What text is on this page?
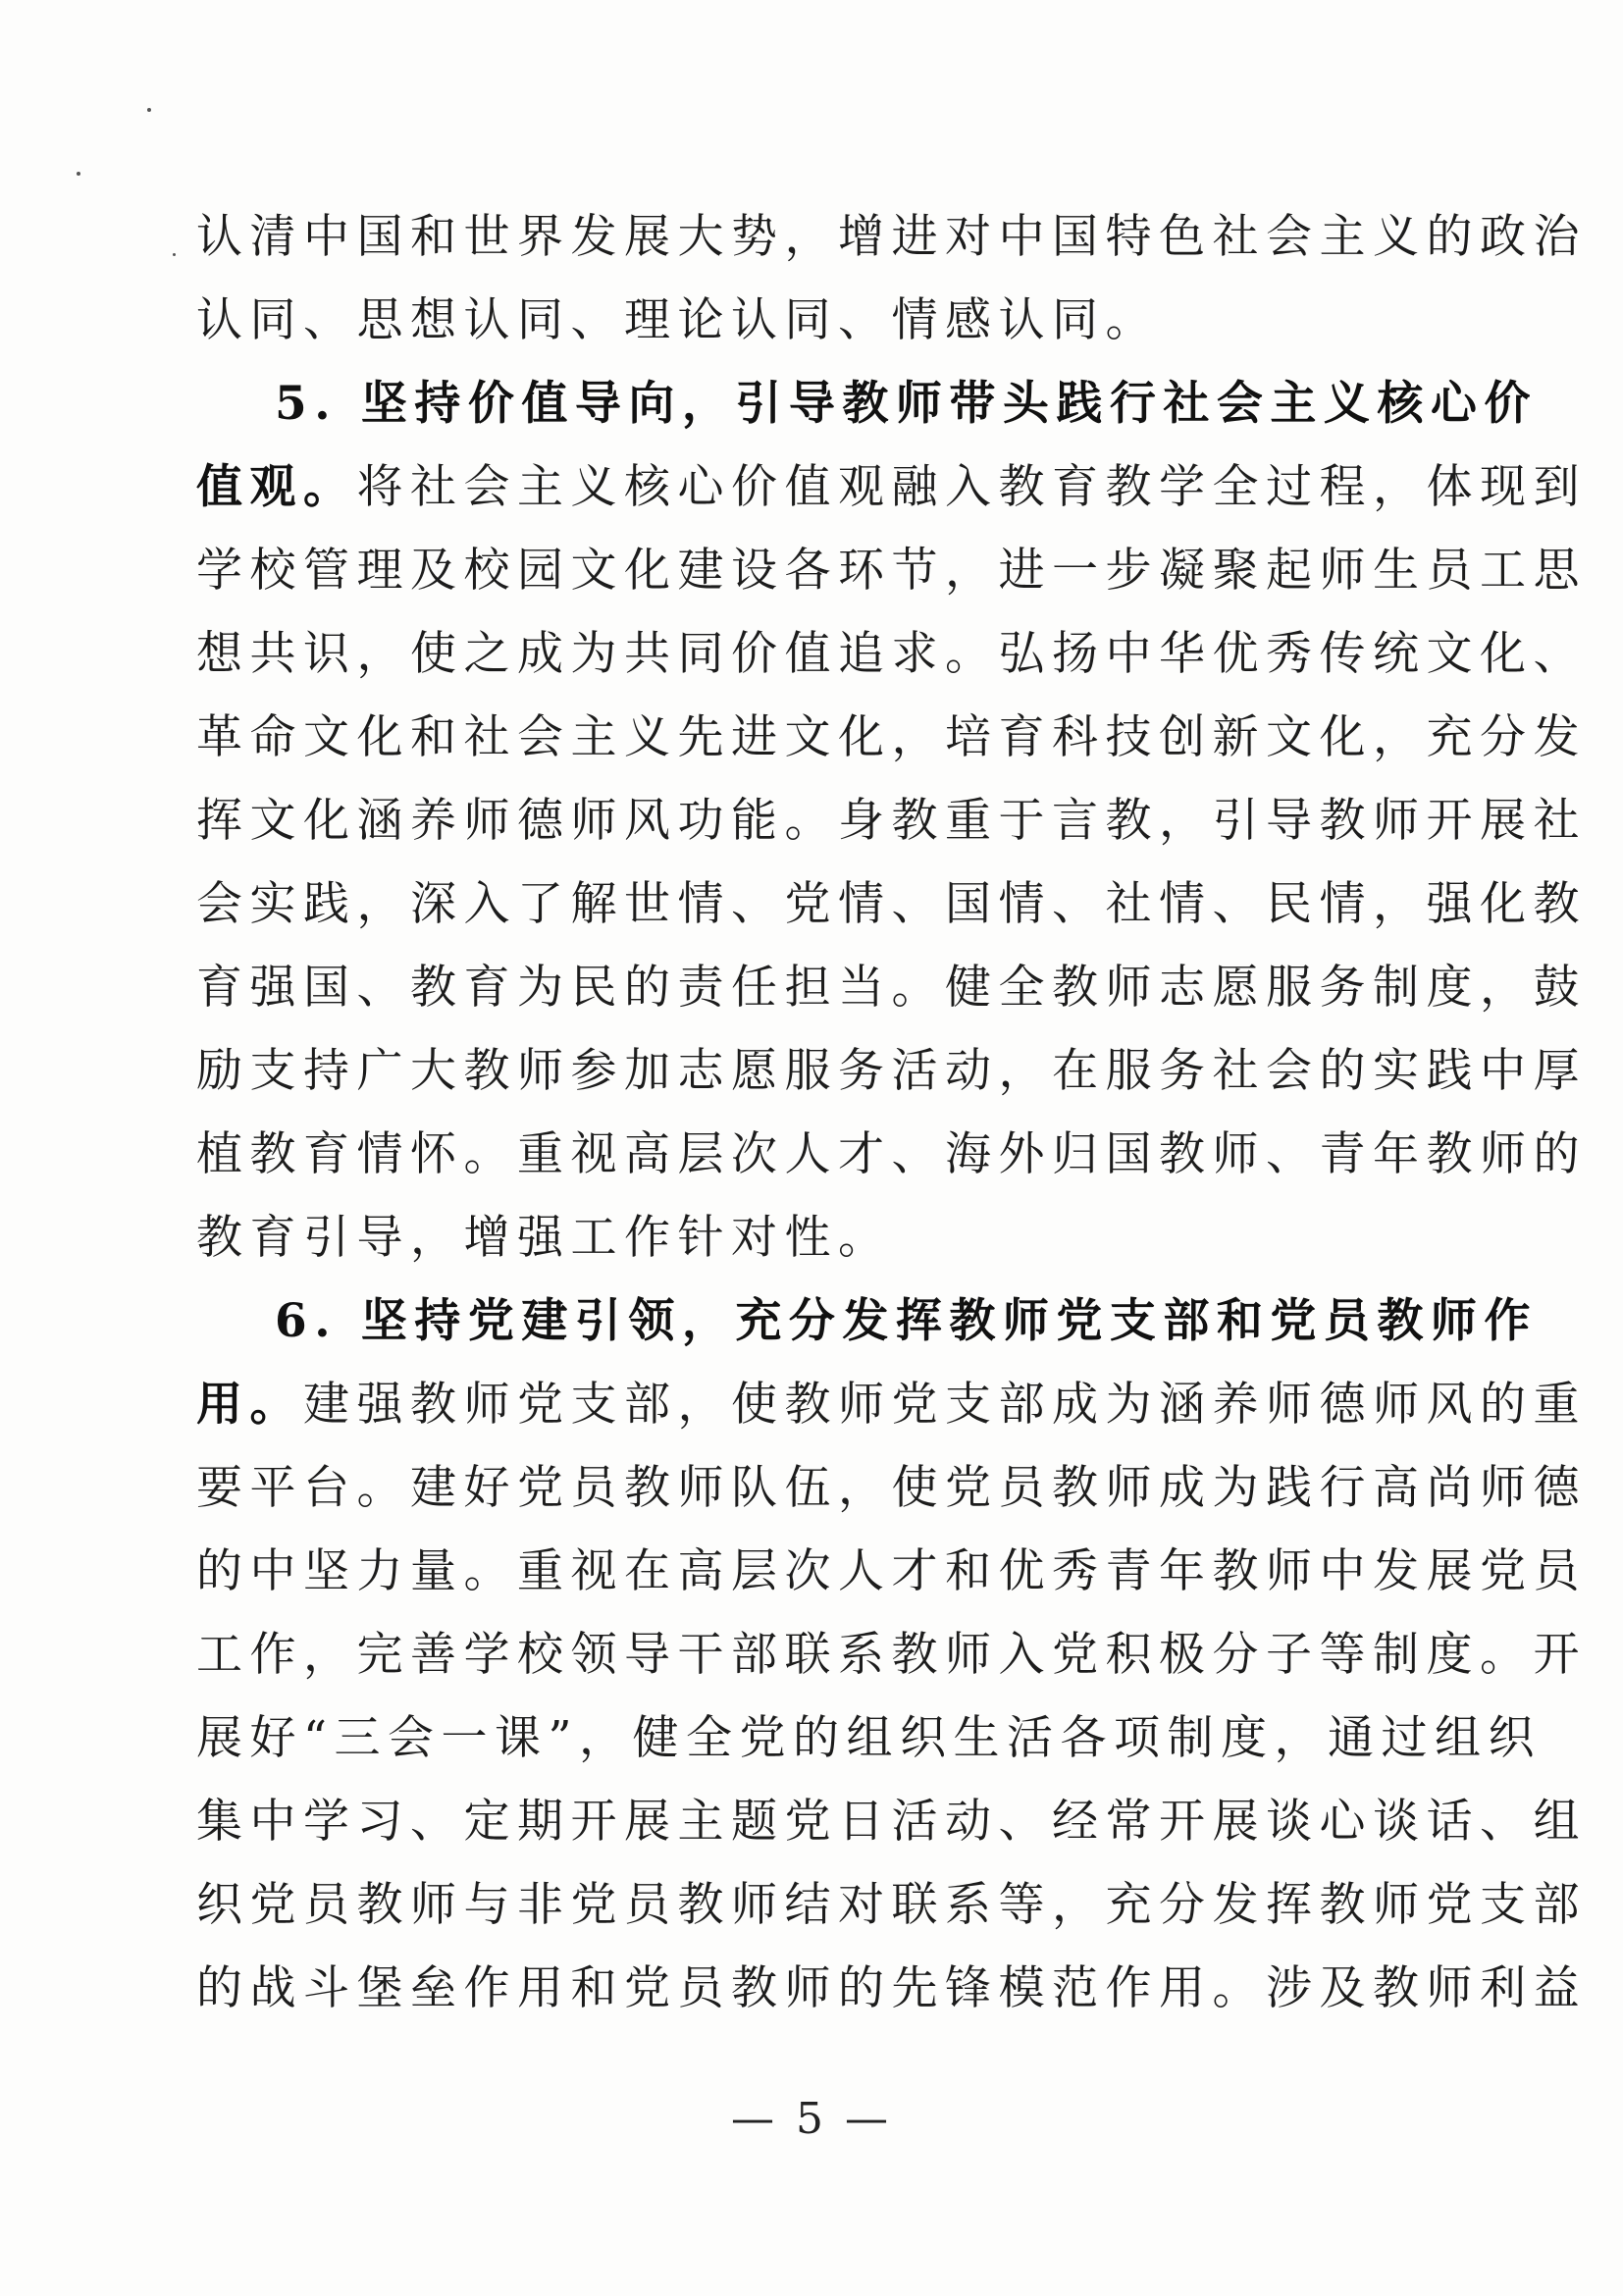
认清中国和世界发展大势，增进对中国特色社会主义的政治
认同、思想认同、理论认同、情感认同。
5. 坚持价值导向，引导教师带头践行社会主义核心价
值观。将社会主义核心价值观融入教育教学全过程，体现到
学校管理及校园文化建设各环节，进一步凝聚起师生员工思
想共识，使之成为共同价值追求。弘扬中华优秀传统文化、
革命文化和社会主义先进文化，培育科技创新文化，充分发
挥文化涵养师德师风功能。身教重于言教，引导教师开展社
会实践，深入了解世情、党情、国情、社情、民情，强化教
育强国、教育为民的责任担当。健全教师志愿服务制度，鼓
励支持广大教师参加志愿服务活动，在服务社会的实践中厚
植教育情怀。重视高层次人才、海外归国教师、青年教师的
教育引导，增强工作针对性。
6. 坚持党建引领，充分发挥教师党支部和党员教师作
用。建强教师党支部，使教师党支部成为涵养师德师风的重
要平台。建好党员教师队伍，使党员教师成为践行高尚师德
的中坚力量。重视在高层次人才和优秀青年教师中发展党员
工作，完善学校领导干部联系教师入党积极分子等制度。开
展好“三会一课”，健全党的组织生活各项制度，通过组织
集中学习、定期开展主题党日活动、经常开展谈心谈话、组
织党员教师与非党员教师结对联系等，充分发挥教师党支部
的战斗堡垒作用和党员教师的先锋模范作用。涉及教师利益
— 5 —
